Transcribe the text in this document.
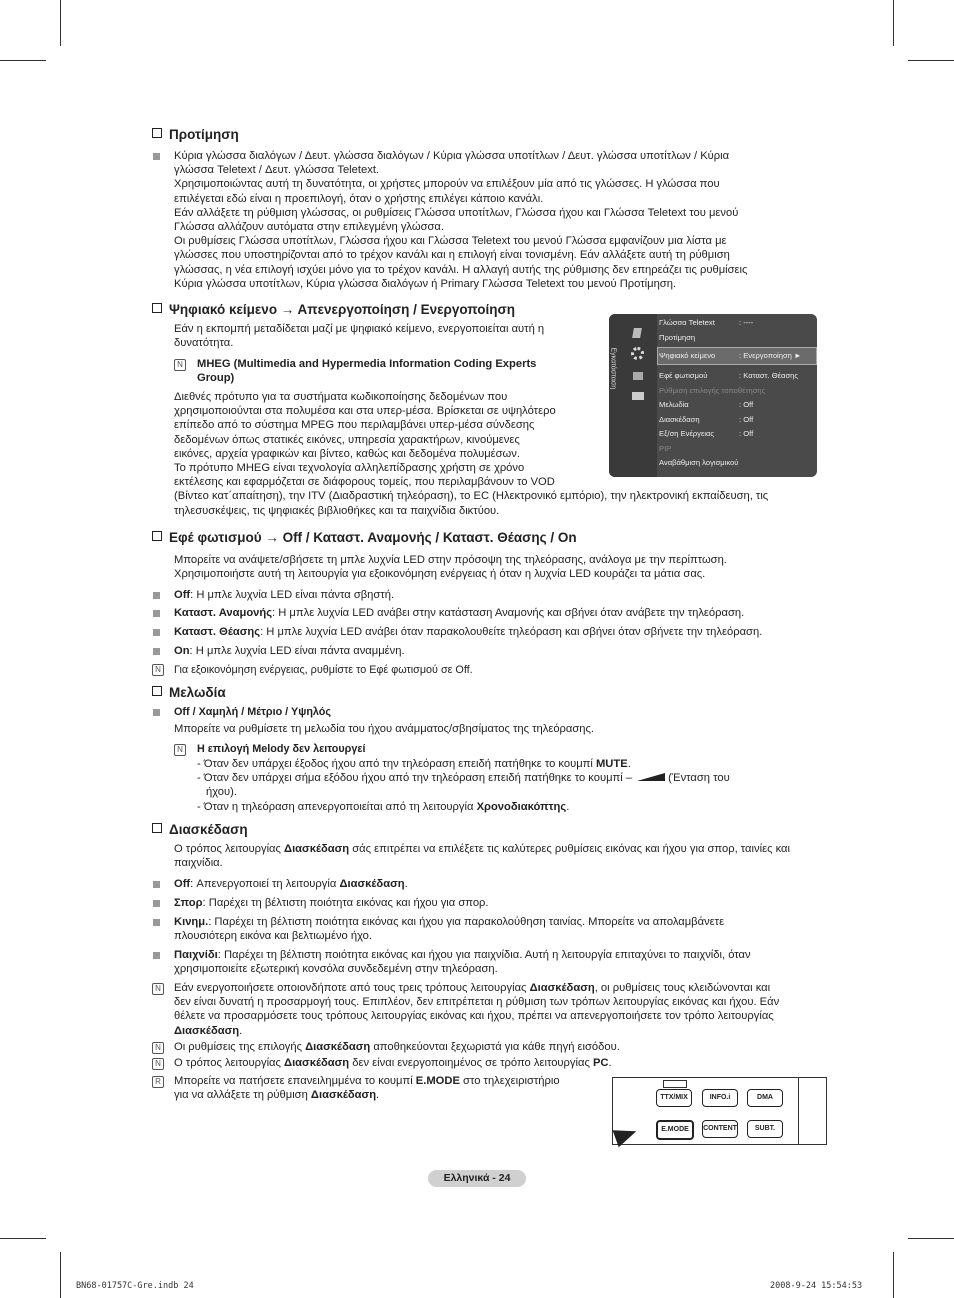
Προτίμηση
Κύρια γλώσσα διαλόγων / Δευτ. γλώσσα διαλόγων / Κύρια γλώσσα υποτίτλων / Δευτ. γλώσσα υποτίτλων / Κύρια
γλώσσα Teletext / Δευτ. γλώσσα Teletext.
Χρησιμοποιώντας αυτή τη δυνατότητα, οι χρήστες μπορούν να επιλέξουν μία από τις γλώσσες. Η γλώσσα που
επιλέγεται εδώ είναι η προεπιλογή, όταν ο χρήστης επιλέγει κάποιο κανάλι.
Εάν αλλάξετε τη ρύθμιση γλώσσας, οι ρυθμίσεις Γλώσσα υποτίτλων, Γλώσσα ήχου και Γλώσσα Teletext του μενού
Γλώσσα αλλάζουν αυτόματα στην επιλεγμένη γλώσσα.
Οι ρυθμίσεις Γλώσσα υποτίτλων, Γλώσσα ήχου και Γλώσσα Teletext του μενού Γλώσσα εμφανίζουν μια λίστα με
γλώσσες που υποστηρίζονται από το τρέχον κανάλι και η επιλογή είναι τονισμένη. Εάν αλλάξετε αυτή τη ρύθμιση
γλώσσας, η νέα επιλογή ισχύει μόνο για το τρέχον κανάλι. Η αλλαγή αυτής της ρύθμισης δεν επηρεάζει τις ρυθμίσεις
Κύρια γλώσσα υποτίτλων, Κύρια γλώσσα διαλόγων ή Primary Γλώσσα Teletext του μενού Προτίμηση.
Ψηφιακό κείμενο → Απενεργοποίηση / Ενεργοποίηση
Εάν η εκπομπή μεταδίδεται μαζί με ψηφιακό κείμενο, ενεργοποιείται αυτή η
δυνατότητα.
N MHEG (Multimedia and Hypermedia Information Coding Experts
Group)
Διεθνές πρότυπο για τα συστήματα κωδικοποίησης δεδομένων που
χρησιμοποιούνται στα πολυμέσα και στα υπερ-μέσα. Βρίσκεται σε υψηλότερο
επίπεδο από το σύστημα MPEG που περιλαμβάνει υπερ-μέσα σύνδεσης
δεδομένων όπως στατικές εικόνες, υπηρεσία χαρακτήρων, κινούμενες
εικόνες, αρχεία γραφικών και βίντεο, καθώς και δεδομένα πολυμέσων.
Το πρότυπο MHEG είναι τεχνολογία αλληλεπίδρασης χρήστη σε χρόνο
εκτέλεσης και εφαρμόζεται σε διάφορους τομείς, που περιλαμβάνουν το VOD
(Βίντεο κατ΄απαίτηση), την ITV (Διαδραστική τηλεόραση), το EC (Ηλεκτρονικό εμπόριο), την ηλεκτρονική εκπαίδευση, τις
τηλεσυσκέψεις, τις ψηφιακές βιβλιοθήκες και τα παιχνίδια δικτύου.
Εγκατάσταση
Γλώσσα Teletext	: ----
Προτίμηση
Ψηφιακό κείμενο	: Ενεργοποίηση ►
Εφέ φωτισμού	: Καταστ. Θέασης
Ρύθμιση επιλογής τοποθέτησης
Μελωδία	: Off
Διασκέδαση	: Off
Εξ/ση Ενέργειας	: Off
PIP
Αναβάθμιση λογισμικού
Εφέ φωτισμού → Off / Καταστ. Αναμονής / Καταστ. Θέασης / On
Μπορείτε να ανάψετε/σβήσετε τη μπλε λυχνία LED στην πρόσοψη της τηλεόρασης, ανάλογα με την περίπτωση.
Χρησιμοποιήστε αυτή τη λειτουργία για εξοικονόμηση ενέργειας ή όταν η λυχνία LED κουράζει τα μάτια σας.
Off: Η μπλε λυχνία LED είναι πάντα σβηστή.
Καταστ. Αναμονής: Η μπλε λυχνία LED ανάβει στην κατάσταση Αναμονής και σβήνει όταν ανάβετε την τηλεόραση.
Καταστ. Θέασης: Η μπλε λυχνία LED ανάβει όταν παρακολουθείτε τηλεόραση και σβήνει όταν σβήνετε την τηλεόραση.
On: Η μπλε λυχνία LED είναι πάντα αναμμένη.
N Για εξοικονόμηση ενέργειας, ρυθμίστε το Εφέ φωτισμού σε Off.
Μελωδία
Off / Χαμηλή / Μέτριο / Υψηλός
Μπορείτε να ρυθμίσετε τη μελωδία του ήχου ανάμματος/σβησίματος της τηλεόρασης.
N Η επιλογή Melody δεν λειτουργεί
- Όταν δεν υπάρχει έξοδος ήχου από την τηλεόραση επειδή πατήθηκε το κουμπί MUTE.
- Όταν δεν υπάρχει σήμα εξόδου ήχου από την τηλεόραση επειδή πατήθηκε το κουμπί –	(Ένταση του
ήχου).
- Όταν η τηλεόραση απενεργοποιείται από τη λειτουργία Χρονοδιακόπτης.
Διασκέδαση
Ο τρόπος λειτουργίας Διασκέδαση σάς επιτρέπει να επιλέξετε τις καλύτερες ρυθμίσεις εικόνας και ήχου για σπορ, ταινίες και
παιχνίδια.
Off: Απενεργοποιεί τη λειτουργία Διασκέδαση.
Σπορ: Παρέχει τη βέλτιστη ποιότητα εικόνας και ήχου για σπορ.
Κινημ.: Παρέχει τη βέλτιστη ποιότητα εικόνας και ήχου για παρακολούθηση ταινίας. Μπορείτε να απολαμβάνετε
πλουσιότερη εικόνα και βελτιωμένο ήχο.
Παιχνίδι: Παρέχει τη βέλτιστη ποιότητα εικόνας και ήχου για παιχνίδια. Αυτή η λειτουργία επιταχύνει το παιχνίδι, όταν
χρησιμοποιείτε εξωτερική κονσόλα συνδεδεμένη στην τηλεόραση.
N Εάν ενεργοποιήσετε οποιονδήποτε από τους τρεις τρόπους λειτουργίας Διασκέδαση, οι ρυθμίσεις τους κλειδώνονται και
δεν είναι δυνατή η προσαρμογή τους. Επιπλέον, δεν επιτρέπεται η ρύθμιση των τρόπων λειτουργίας εικόνας και ήχου. Εάν
θέλετε να προσαρμόσετε τους τρόπους λειτουργίας εικόνας και ήχου, πρέπει να απενεργοποιήσετε τον τρόπο λειτουργίας
Διασκέδαση.
N Οι ρυθμίσεις της επιλογής Διασκέδαση αποθηκεύονται ξεχωριστά για κάθε πηγή εισόδου.
N Ο τρόπος λειτουργίας Διασκέδαση δεν είναι ενεργοποιημένος σε τρόπο λειτουργίας PC.
R Μπορείτε να πατήσετε επανειλημμένα το κουμπί E.MODE στο τηλεχειριστήριο
για να αλλάξετε τη ρύθμιση Διασκέδαση.	TTX/MIX	INFO.i	DMA
E.MODE	CONTENT	SUBT.
Ελληνικά - 24
BN68-01757C-Gre.indb 24	2008-9-24 15:54:53
